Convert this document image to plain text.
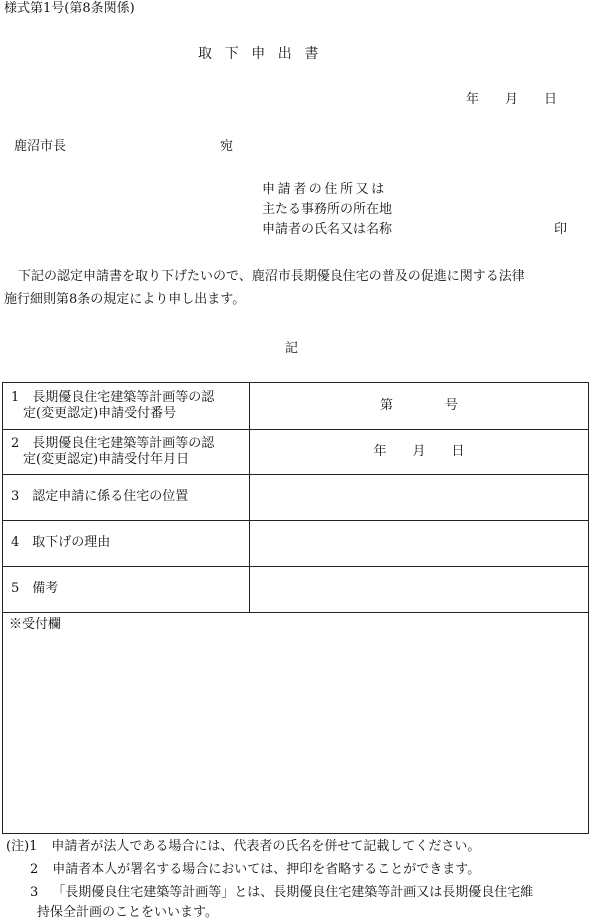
様式第1号(第8条関係)
取下申出書
年　　月　　日
鹿沼市長	宛
申請者の住所又は
主たる事務所の所在地
申請者の氏名又は名称	印
下記の認定申請書を取り下げたいので、鹿沼市長期優良住宅の普及の促進に関する法律
施行細則第8条の規定により申し出ます。
記
1　長期優良住宅建築等計画等の認
定(変更認定)申請受付番号	第　　　　号

2　長期優良住宅建築等計画等の認
定(変更認定)申請受付年月日	年　　月　　日
3　認定申請に係る住宅の位置	
4　取下げの理由	
5　備考	
※受付欄
(注)1 申請者が法人である場合には、代表者の氏名を併せて記載してください。
2 申請者本人が署名する場合においては、押印を省略することができます。
3 「長期優良住宅建築等計画等」とは、長期優良住宅建築等計画又は長期優良住宅維
持保全計画のことをいいます。
